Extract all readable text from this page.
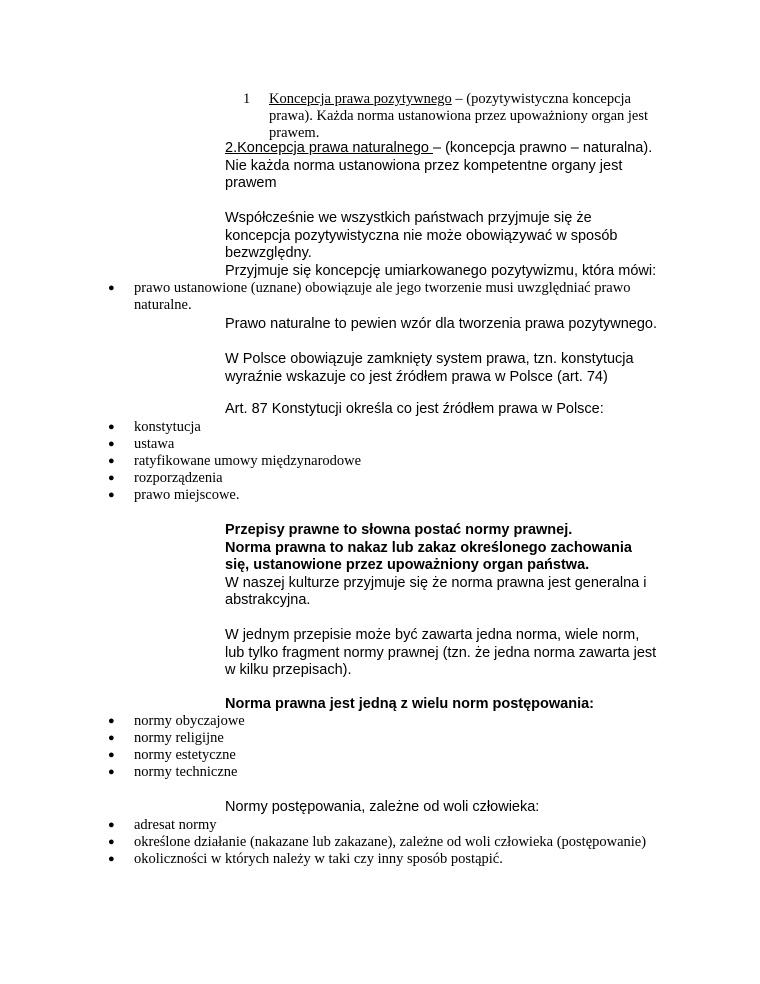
1	Koncepcja prawa pozytywnego – (pozytywistyczna koncepcja
prawa). Każda norma ustanowiona przez upoważniony organ jest
prawem.
2.Koncepcja prawa naturalnego – (koncepcja prawno – naturalna).
Nie każda norma ustanowiona przez kompetentne organy jest
prawem
Współcześnie we wszystkich państwach przyjmuje się że
koncepcja pozytywistyczna nie może obowiązywać w sposób
bezwzględny.
Przyjmuje się koncepcję umiarkowanego pozytywizmu, która mówi:
●	prawo ustanowione (uznane) obowiązuje ale jego tworzenie musi uwzględniać prawo
naturalne.
Prawo naturalne to pewien wzór dla tworzenia prawa pozytywnego.
W Polsce obowiązuje zamknięty system prawa, tzn. konstytucja
wyraźnie wskazuje co jest źródłem prawa w Polsce (art. 74)
Art. 87 Konstytucji określa co jest źródłem prawa w Polsce:
●	konstytucja
●	ustawa
●	ratyfikowane umowy międzynarodowe
●	rozporządzenia
●	prawo miejscowe.
Przepisy prawne to słowna postać normy prawnej.
Norma prawna to nakaz lub zakaz określonego zachowania
się, ustanowione przez upoważniony organ państwa.
W naszej kulturze przyjmuje się że norma prawna jest generalna i
abstrakcyjna.
W jednym przepisie może być zawarta jedna norma, wiele norm,
lub tylko fragment normy prawnej (tzn. że jedna norma zawarta jest
w kilku przepisach).
Norma prawna jest jedną z wielu norm postępowania:
●	normy obyczajowe
●	normy religijne
●	normy estetyczne
●	normy techniczne
Normy postępowania, zależne od woli człowieka:
●	adresat normy
●	określone działanie (nakazane lub zakazane), zależne od woli człowieka (postępowanie)
●	okoliczności w których należy w taki czy inny sposób postąpić.
